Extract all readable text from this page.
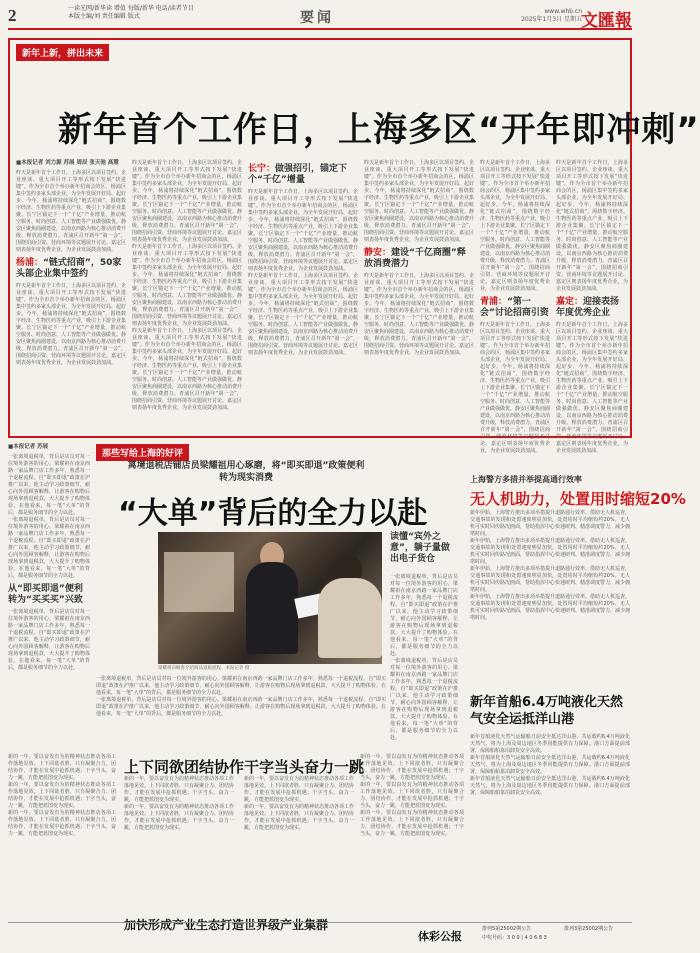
2	一读光网/新华读 增值 每版/新华 电话/读者节目
本版主编/刘 责任编辑 版式	要闻	www.whb.cn
2025年1月3日 星期五 文匯報
新年上新，拼出未来
新年首个工作日，上海多区“开年即冲刺”
■本报记者 刘力源 苏展 周辰 张天弛 高慧
昨天是新年首个工作日，上海多区以项目签约、企业座谈、重大项目开工等形式按下发展“快进键”。作为全市首个举办新年招商会的区，杨浦区集中签约多家头部企业，为全年发展开好局、起好步。今年，杨浦将持续深化“链式招商”，围绕数字经济、生物医药等重点产业，吸引上下游企业集聚。长宁区锚定下一个“千亿”产业增量，推动航空服务、时尚创意、人工智能等产业做强做优。静安区聚焦商圈建设，以南京西路为核心推动消费升级，释放消费潜力。青浦区召开新年“第一会”，围绕招商引资、营商环境等议题展开讨论。嘉定区则表扬年度优秀企业，为企业发展鼓劲加油。
杨浦：“链式招商”，50家头部企业集中签约
昨天是新年首个工作日，上海多区以项目签约、企业座谈、重大项目开工等形式按下发展“快进键”。作为全市首个举办新年招商会的区，杨浦区集中签约多家头部企业，为全年发展开好局、起好步。今年，杨浦将持续深化“链式招商”，围绕数字经济、生物医药等重点产业，吸引上下游企业集聚。长宁区锚定下一个“千亿”产业增量，推动航空服务、时尚创意、人工智能等产业做强做优。静安区聚焦商圈建设，以南京西路为核心推动消费升级，释放消费潜力。青浦区召开新年“第一会”，围绕招商引资、营商环境等议题展开讨论。嘉定区则表扬年度优秀企业，为企业发展鼓劲加油。
昨天是新年首个工作日，上海多区以项目签约、企业座谈、重大项目开工等形式按下发展“快进键”。作为全市首个举办新年招商会的区，杨浦区集中签约多家头部企业，为全年发展开好局、起好步。今年，杨浦将持续深化“链式招商”，围绕数字经济、生物医药等重点产业，吸引上下游企业集聚。长宁区锚定下一个“千亿”产业增量，推动航空服务、时尚创意、人工智能等产业做强做优。静安区聚焦商圈建设，以南京西路为核心推动消费升级，释放消费潜力。青浦区召开新年“第一会”，围绕招商引资、营商环境等议题展开讨论。嘉定区则表扬年度优秀企业，为企业发展鼓劲加油。
昨天是新年首个工作日，上海多区以项目签约、企业座谈、重大项目开工等形式按下发展“快进键”。作为全市首个举办新年招商会的区，杨浦区集中签约多家头部企业，为全年发展开好局、起好步。今年，杨浦将持续深化“链式招商”，围绕数字经济、生物医药等重点产业，吸引上下游企业集聚。长宁区锚定下一个“千亿”产业增量，推动航空服务、时尚创意、人工智能等产业做强做优。静安区聚焦商圈建设，以南京西路为核心推动消费升级，释放消费潜力。青浦区召开新年“第一会”，围绕招商引资、营商环境等议题展开讨论。嘉定区则表扬年度优秀企业，为企业发展鼓劲加油。
昨天是新年首个工作日，上海多区以项目签约、企业座谈、重大项目开工等形式按下发展“快进键”。作为全市首个举办新年招商会的区，杨浦区集中签约多家头部企业，为全年发展开好局、起好步。今年，杨浦将持续深化“链式招商”，围绕数字经济、生物医药等重点产业，吸引上下游企业集聚。长宁区锚定下一个“千亿”产业增量，推动航空服务、时尚创意、人工智能等产业做强做优。静安区聚焦商圈建设，以南京西路为核心推动消费升级，释放消费潜力。青浦区召开新年“第一会”，围绕招商引资、营商环境等议题展开讨论。嘉定区则表扬年度优秀企业，为企业发展鼓劲加油。
长宁：做强招引，锚定下个“千亿”增量
昨天是新年首个工作日，上海多区以项目签约、企业座谈、重大项目开工等形式按下发展“快进键”。作为全市首个举办新年招商会的区，杨浦区集中签约多家头部企业，为全年发展开好局、起好步。今年，杨浦将持续深化“链式招商”，围绕数字经济、生物医药等重点产业，吸引上下游企业集聚。长宁区锚定下一个“千亿”产业增量，推动航空服务、时尚创意、人工智能等产业做强做优。静安区聚焦商圈建设，以南京西路为核心推动消费升级，释放消费潜力。青浦区召开新年“第一会”，围绕招商引资、营商环境等议题展开讨论。嘉定区则表扬年度优秀企业，为企业发展鼓劲加油。
昨天是新年首个工作日，上海多区以项目签约、企业座谈、重大项目开工等形式按下发展“快进键”。作为全市首个举办新年招商会的区，杨浦区集中签约多家头部企业，为全年发展开好局、起好步。今年，杨浦将持续深化“链式招商”，围绕数字经济、生物医药等重点产业，吸引上下游企业集聚。长宁区锚定下一个“千亿”产业增量，推动航空服务、时尚创意、人工智能等产业做强做优。静安区聚焦商圈建设，以南京西路为核心推动消费升级，释放消费潜力。青浦区召开新年“第一会”，围绕招商引资、营商环境等议题展开讨论。嘉定区则表扬年度优秀企业，为企业发展鼓劲加油。
昨天是新年首个工作日，上海多区以项目签约、企业座谈、重大项目开工等形式按下发展“快进键”。作为全市首个举办新年招商会的区，杨浦区集中签约多家头部企业，为全年发展开好局、起好步。今年，杨浦将持续深化“链式招商”，围绕数字经济、生物医药等重点产业，吸引上下游企业集聚。长宁区锚定下一个“千亿”产业增量，推动航空服务、时尚创意、人工智能等产业做强做优。静安区聚焦商圈建设，以南京西路为核心推动消费升级，释放消费潜力。青浦区召开新年“第一会”，围绕招商引资、营商环境等议题展开讨论。嘉定区则表扬年度优秀企业，为企业发展鼓劲加油。
静安：建设“千亿商圈”释放消费潜力
昨天是新年首个工作日，上海多区以项目签约、企业座谈、重大项目开工等形式按下发展“快进键”。作为全市首个举办新年招商会的区，杨浦区集中签约多家头部企业，为全年发展开好局、起好步。今年，杨浦将持续深化“链式招商”，围绕数字经济、生物医药等重点产业，吸引上下游企业集聚。长宁区锚定下一个“千亿”产业增量，推动航空服务、时尚创意、人工智能等产业做强做优。静安区聚焦商圈建设，以南京西路为核心推动消费升级，释放消费潜力。青浦区召开新年“第一会”，围绕招商引资、营商环境等议题展开讨论。嘉定区则表扬年度优秀企业，为企业发展鼓劲加油。
昨天是新年首个工作日，上海多区以项目签约、企业座谈、重大项目开工等形式按下发展“快进键”。作为全市首个举办新年招商会的区，杨浦区集中签约多家头部企业，为全年发展开好局、起好步。今年，杨浦将持续深化“链式招商”，围绕数字经济、生物医药等重点产业，吸引上下游企业集聚。长宁区锚定下一个“千亿”产业增量，推动航空服务、时尚创意、人工智能等产业做强做优。静安区聚焦商圈建设，以南京西路为核心推动消费升级，释放消费潜力。青浦区召开新年“第一会”，围绕招商引资、营商环境等议题展开讨论。嘉定区则表扬年度优秀企业，为企业发展鼓劲加油。
青浦：“第一会”讨论招商引资
昨天是新年首个工作日，上海多区以项目签约、企业座谈、重大项目开工等形式按下发展“快进键”。作为全市首个举办新年招商会的区，杨浦区集中签约多家头部企业，为全年发展开好局、起好步。今年，杨浦将持续深化“链式招商”，围绕数字经济、生物医药等重点产业，吸引上下游企业集聚。长宁区锚定下一个“千亿”产业增量，推动航空服务、时尚创意、人工智能等产业做强做优。静安区聚焦商圈建设，以南京西路为核心推动消费升级，释放消费潜力。青浦区召开新年“第一会”，围绕招商引资、营商环境等议题展开讨论。嘉定区则表扬年度优秀企业，为企业发展鼓劲加油。
昨天是新年首个工作日，上海多区以项目签约、企业座谈、重大项目开工等形式按下发展“快进键”。作为全市首个举办新年招商会的区，杨浦区集中签约多家头部企业，为全年发展开好局、起好步。今年，杨浦将持续深化“链式招商”，围绕数字经济、生物医药等重点产业，吸引上下游企业集聚。长宁区锚定下一个“千亿”产业增量，推动航空服务、时尚创意、人工智能等产业做强做优。静安区聚焦商圈建设，以南京西路为核心推动消费升级，释放消费潜力。青浦区召开新年“第一会”，围绕招商引资、营商环境等议题展开讨论。嘉定区则表扬年度优秀企业，为企业发展鼓劲加油。
嘉定：迎接表扬年度优秀企业
昨天是新年首个工作日，上海多区以项目签约、企业座谈、重大项目开工等形式按下发展“快进键”。作为全市首个举办新年招商会的区，杨浦区集中签约多家头部企业，为全年发展开好局、起好步。今年，杨浦将持续深化“链式招商”，围绕数字经济、生物医药等重点产业，吸引上下游企业集聚。长宁区锚定下一个“千亿”产业增量，推动航空服务、时尚创意、人工智能等产业做强做优。静安区聚焦商圈建设，以南京西路为核心推动消费升级，释放消费潜力。青浦区召开新年“第一会”，围绕招商引资、营商环境等议题展开讨论。嘉定区则表扬年度优秀企业，为企业发展鼓劲加油。
■本报记者 苏展
一张离境退税单，背后是店员对每一位境外游客的用心。梁耀祖在南京西路一家品牌门店工作多年，熟悉每一个退税流程。自“即买即退”政策在沪推广以来，他主动学习政策细节，耐心向外国顾客解释，让游客在购物后现场拿到退税款，大大提升了购物体验。在他看来，每一笔“大单”的背后，都是服务细节的全力以赴。
一张离境退税单，背后是店员对每一位境外游客的用心。梁耀祖在南京西路一家品牌门店工作多年，熟悉每一个退税流程。自“即买即退”政策在沪推广以来，他主动学习政策细节，耐心向外国顾客解释，让游客在购物后现场拿到退税款，大大提升了购物体验。在他看来，每一笔“大单”的背后，都是服务细节的全力以赴。
从“即买即退”便利转为“买买买”兴致
一张离境退税单，背后是店员对每一位境外游客的用心。梁耀祖在南京西路一家品牌门店工作多年，熟悉每一个退税流程。自“即买即退”政策在沪推广以来，他主动学习政策细节，耐心向外国顾客解释，让游客在购物后现场拿到退税款，大大提升了购物体验。在他看来，每一笔“大单”的背后，都是服务细节的全力以赴。
那些写给上海的好评
离境退税店铺店员梁耀祖用心琢磨，将“即买即退”政策便利转为现实消费
“大单”背后的全力以赴
梁耀祖向顾客介绍商品退税流程。本报记者 摄
读懂“宾外之意”，躺子量做出电子货仓
一张离境退税单，背后是店员对每一位境外游客的用心。梁耀祖在南京西路一家品牌门店工作多年，熟悉每一个退税流程。自“即买即退”政策在沪推广以来，他主动学习政策细节，耐心向外国顾客解释，让游客在购物后现场拿到退税款，大大提升了购物体验。在他看来，每一笔“大单”的背后，都是服务细节的全力以赴。
一张离境退税单，背后是店员对每一位境外游客的用心。梁耀祖在南京西路一家品牌门店工作多年，熟悉每一个退税流程。自“即买即退”政策在沪推广以来，他主动学习政策细节，耐心向外国顾客解释，让游客在购物后现场拿到退税款，大大提升了购物体验。在他看来，每一笔“大单”的背后，都是服务细节的全力以赴。
一张离境退税单，背后是店员对每一位境外游客的用心。梁耀祖在南京西路一家品牌门店工作多年，熟悉每一个退税流程。自“即买即退”政策在沪推广以来，他主动学习政策细节，耐心向外国顾客解释，让游客在购物后现场拿到退税款，大大提升了购物体验。在他看来，每一笔“大单”的背后，都是服务细节的全力以赴。
一张离境退税单，背后是店员对每一位境外游客的用心。梁耀祖在南京西路一家品牌门店工作多年，熟悉每一个退税流程。自“即买即退”政策在沪推广以来，他主动学习政策细节，耐心向外国顾客解释，让游客在购物后现场拿到退税款，大大提升了购物体验。在他看来，每一笔“大单”的背后，都是服务细节的全力以赴。
上海警方多措并举提高通行效率
无人机助力，处置用时缩短20%
新年伊始，上海警方推出多项举措提升道路通行效率。借助无人机巡查，交通事故的发现和处置速度明显加快，处置用时平均缩短约20%。无人机可实时回传路况画面，帮助指挥中心快速研判、精准调度警力，减少拥堵时间。
新年伊始，上海警方推出多项举措提升道路通行效率。借助无人机巡查，交通事故的发现和处置速度明显加快，处置用时平均缩短约20%。无人机可实时回传路况画面，帮助指挥中心快速研判、精准调度警力，减少拥堵时间。
新年伊始，上海警方推出多项举措提升道路通行效率。借助无人机巡查，交通事故的发现和处置速度明显加快，处置用时平均缩短约20%。无人机可实时回传路况画面，帮助指挥中心快速研判、精准调度警力，减少拥堵时间。
新年伊始，上海警方推出多项举措提升道路通行效率。借助无人机巡查，交通事故的发现和处置速度明显加快，处置用时平均缩短约20%。无人机可实时回传路况画面，帮助指挥中心快速研判、精准调度警力，减少拥堵时间。
新年首船6.4万吨液化天然气安全运抵洋山港
新年首船液化天然气运输船日前安全抵达洋山港，共运载约6.4万吨液化天然气，将为上海及周边地区冬季用能提供有力保障。港口方面提前部署，保障船舶靠泊卸货安全高效。
新年首船液化天然气运输船日前安全抵达洋山港，共运载约6.4万吨液化天然气，将为上海及周边地区冬季用能提供有力保障。港口方面提前部署，保障船舶靠泊卸货安全高效。
新年首船液化天然气运输船日前安全抵达洋山港，共运载约6.4万吨液化天然气，将为上海及周边地区冬季用能提供有力保障。港口方面提前部署，保障船舶靠泊卸货安全高效。
新的一年，要以奋发有为的精神状态推动各项工作落地见效。上下同欲者胜，只有凝聚合力、团结协作，才能在发展中抢抓机遇；干字当头，奋力一跳，方能把蓝图变为现实。
新的一年，要以奋发有为的精神状态推动各项工作落地见效。上下同欲者胜，只有凝聚合力、团结协作，才能在发展中抢抓机遇；干字当头，奋力一跳，方能把蓝图变为现实。
新的一年，要以奋发有为的精神状态推动各项工作落地见效。上下同欲者胜，只有凝聚合力、团结协作，才能在发展中抢抓机遇；干字当头，奋力一跳，方能把蓝图变为现实。
上下同欲团结协作
新的一年，要以奋发有为的精神状态推动各项工作落地见效。上下同欲者胜，只有凝聚合力、团结协作，才能在发展中抢抓机遇；干字当头，奋力一跳，方能把蓝图变为现实。
新的一年，要以奋发有为的精神状态推动各项工作落地见效。上下同欲者胜，只有凝聚合力、团结协作，才能在发展中抢抓机遇；干字当头，奋力一跳，方能把蓝图变为现实。
干字当头奋力一跳
新的一年，要以奋发有为的精神状态推动各项工作落地见效。上下同欲者胜，只有凝聚合力、团结协作，才能在发展中抢抓机遇；干字当头，奋力一跳，方能把蓝图变为现实。
新的一年，要以奋发有为的精神状态推动各项工作落地见效。上下同欲者胜，只有凝聚合力、团结协作，才能在发展中抢抓机遇；干字当头，奋力一跳，方能把蓝图变为现实。
新的一年，要以奋发有为的精神状态推动各项工作落地见效。上下同欲者胜，只有凝聚合力、团结协作，才能在发展中抢抓机遇；干字当头，奋力一跳，方能把蓝图变为现实。
新的一年，要以奋发有为的精神状态推动各项工作落地见效。上下同欲者胜，只有凝聚合力、团结协作，才能在发展中抢抓机遇；干字当头，奋力一跳，方能把蓝图变为现实。
新的一年，要以奋发有为的精神状态推动各项工作落地见效。上下同欲者胜，只有凝聚合力、团结协作，才能在发展中抢抓机遇；干字当头，奋力一跳，方能把蓝图变为现实。
加快形成产业生态打造世界级产业集群
体彩公报
排列5第25002期公告
中奖号码：3 0 0 | 4 0 6 8 3
排列3第25002期公告
